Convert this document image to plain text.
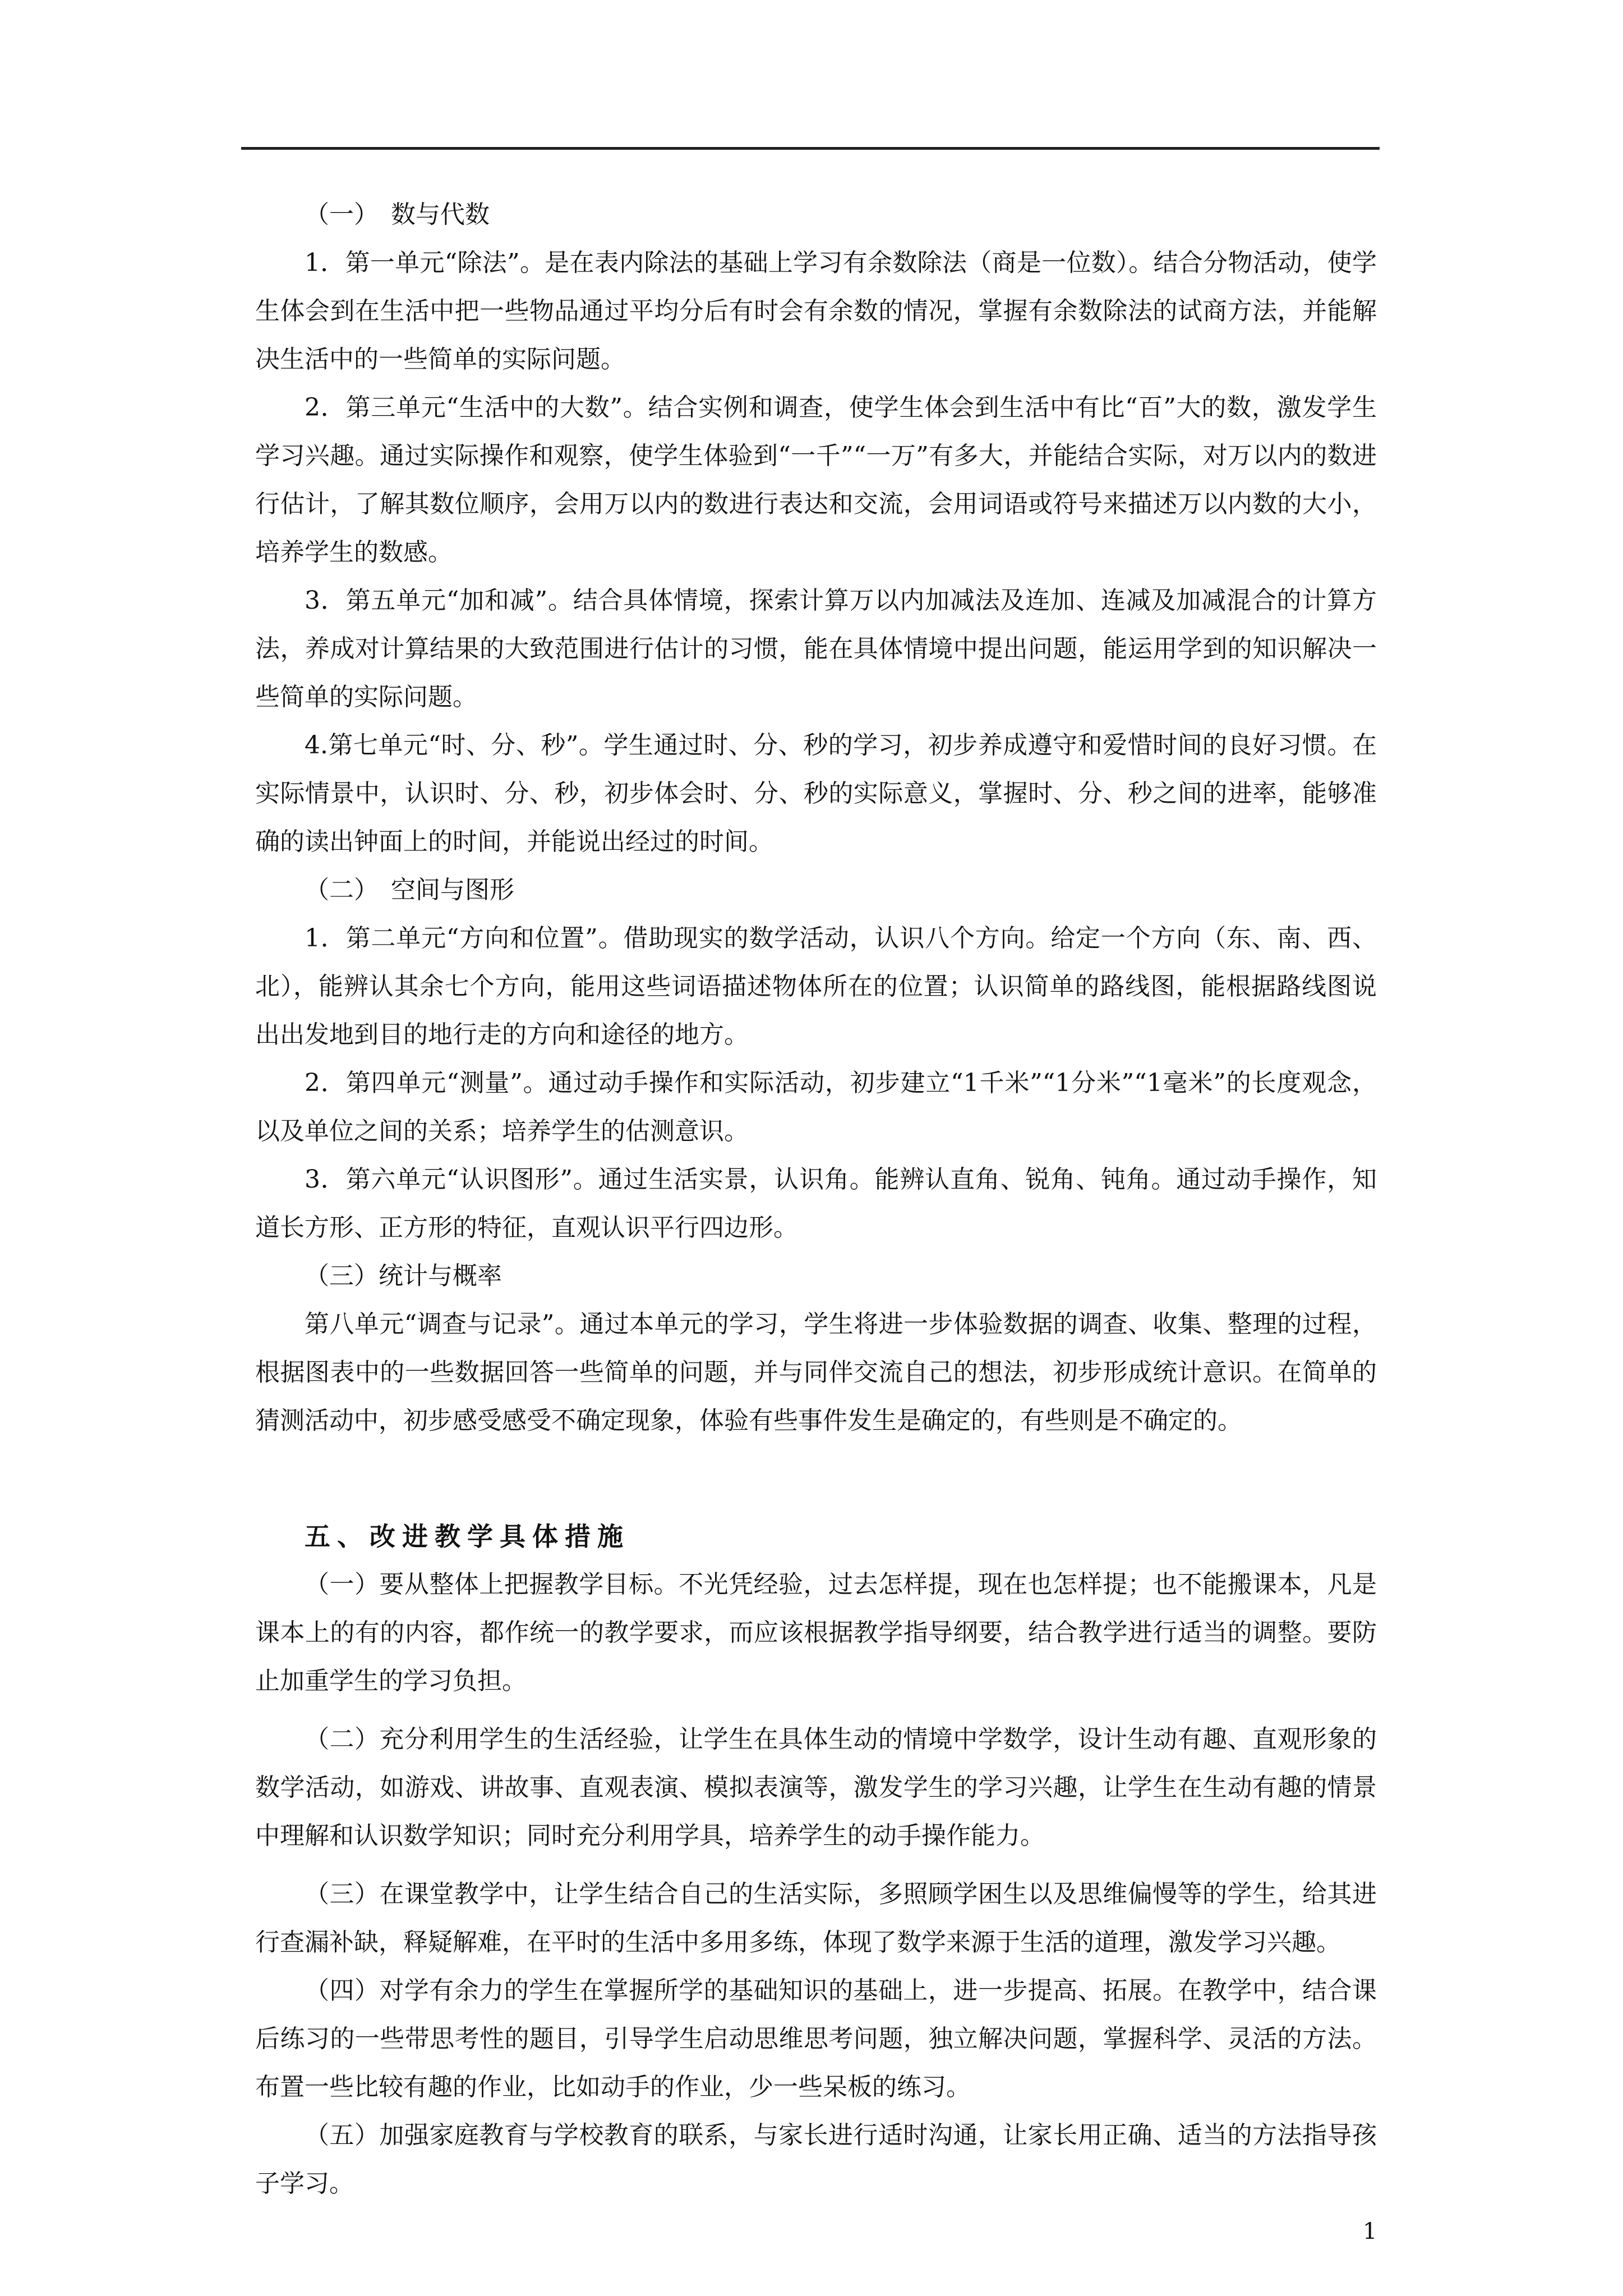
（一）　数与代数

1．第一单元“除法”。是在表内除法的基础上学习有余数除法（商是一位数）。结合分物活动，使学生体会到在生活中把一些物品通过平均分后有时会有余数的情况，掌握有余数除法的试商方法，并能解决生活中的一些简单的实际问题。

2．第三单元“生活中的大数”。结合实例和调查，使学生体会到生活中有比“百”大的数，激发学生学习兴趣。通过实际操作和观察，使学生体验到“一千”“一万”有多大，并能结合实际，对万以内的数进行估计，了解其数位顺序，会用万以内的数进行表达和交流，会用词语或符号来描述万以内数的大小，培养学生的数感。

3．第五单元“加和减”。结合具体情境，探索计算万以内加减法及连加、连减及加减混合的计算方法，养成对计算结果的大致范围进行估计的习惯，能在具体情境中提出问题，能运用学到的知识解决一些简单的实际问题。

4.第七单元“时、分、秒”。学生通过时、分、秒的学习，初步养成遵守和爱惜时间的良好习惯。在实际情景中，认识时、分、秒，初步体会时、分、秒的实际意义，掌握时、分、秒之间的进率，能够准确的读出钟面上的时间，并能说出经过的时间。

（二）　空间与图形

1．第二单元“方向和位置”。借助现实的数学活动，认识八个方向。给定一个方向（东、南、西、北），能辨认其余七个方向，能用这些词语描述物体所在的位置；认识简单的路线图，能根据路线图说出出发地到目的地行走的方向和途径的地方。

2．第四单元“测量”。通过动手操作和实际活动，初步建立“1千米”“1分米”“1毫米”的长度观念，以及单位之间的关系；培养学生的估测意识。

3．第六单元“认识图形”。通过生活实景，认识角。能辨认直角、锐角、钝角。通过动手操作，知道长方形、正方形的特征，直观认识平行四边形。

（三）统计与概率

第八单元“调查与记录”。通过本单元的学习，学生将进一步体验数据的调查、收集、整理的过程，根据图表中的一些数据回答一些简单的问题，并与同伴交流自己的想法，初步形成统计意识。在简单的猜测活动中，初步感受感受不确定现象，体验有些事件发生是确定的，有些则是不确定的。

五、改进教学具体措施

（一）要从整体上把握教学目标。不光凭经验，过去怎样提，现在也怎样提；也不能搬课本，凡是课本上的有的内容，都作统一的教学要求，而应该根据教学指导纲要，结合教学进行适当的调整。要防止加重学生的学习负担。

（二）充分利用学生的生活经验，让学生在具体生动的情境中学数学，设计生动有趣、直观形象的数学活动，如游戏、讲故事、直观表演、模拟表演等，激发学生的学习兴趣，让学生在生动有趣的情景中理解和认识数学知识；同时充分利用学具，培养学生的动手操作能力。

（三）在课堂教学中，让学生结合自己的生活实际，多照顾学困生以及思维偏慢等的学生，给其进行查漏补缺，释疑解难，在平时的生活中多用多练，体现了数学来源于生活的道理，激发学习兴趣。

（四）对学有余力的学生在掌握所学的基础知识的基础上，进一步提高、拓展。在教学中，结合课后练习的一些带思考性的题目，引导学生启动思维思考问题，独立解决问题，掌握科学、灵活的方法。布置一些比较有趣的作业，比如动手的作业，少一些呆板的练习。

（五）加强家庭教育与学校教育的联系，与家长进行适时沟通，让家长用正确、适当的方法指导孩子学习。

1
